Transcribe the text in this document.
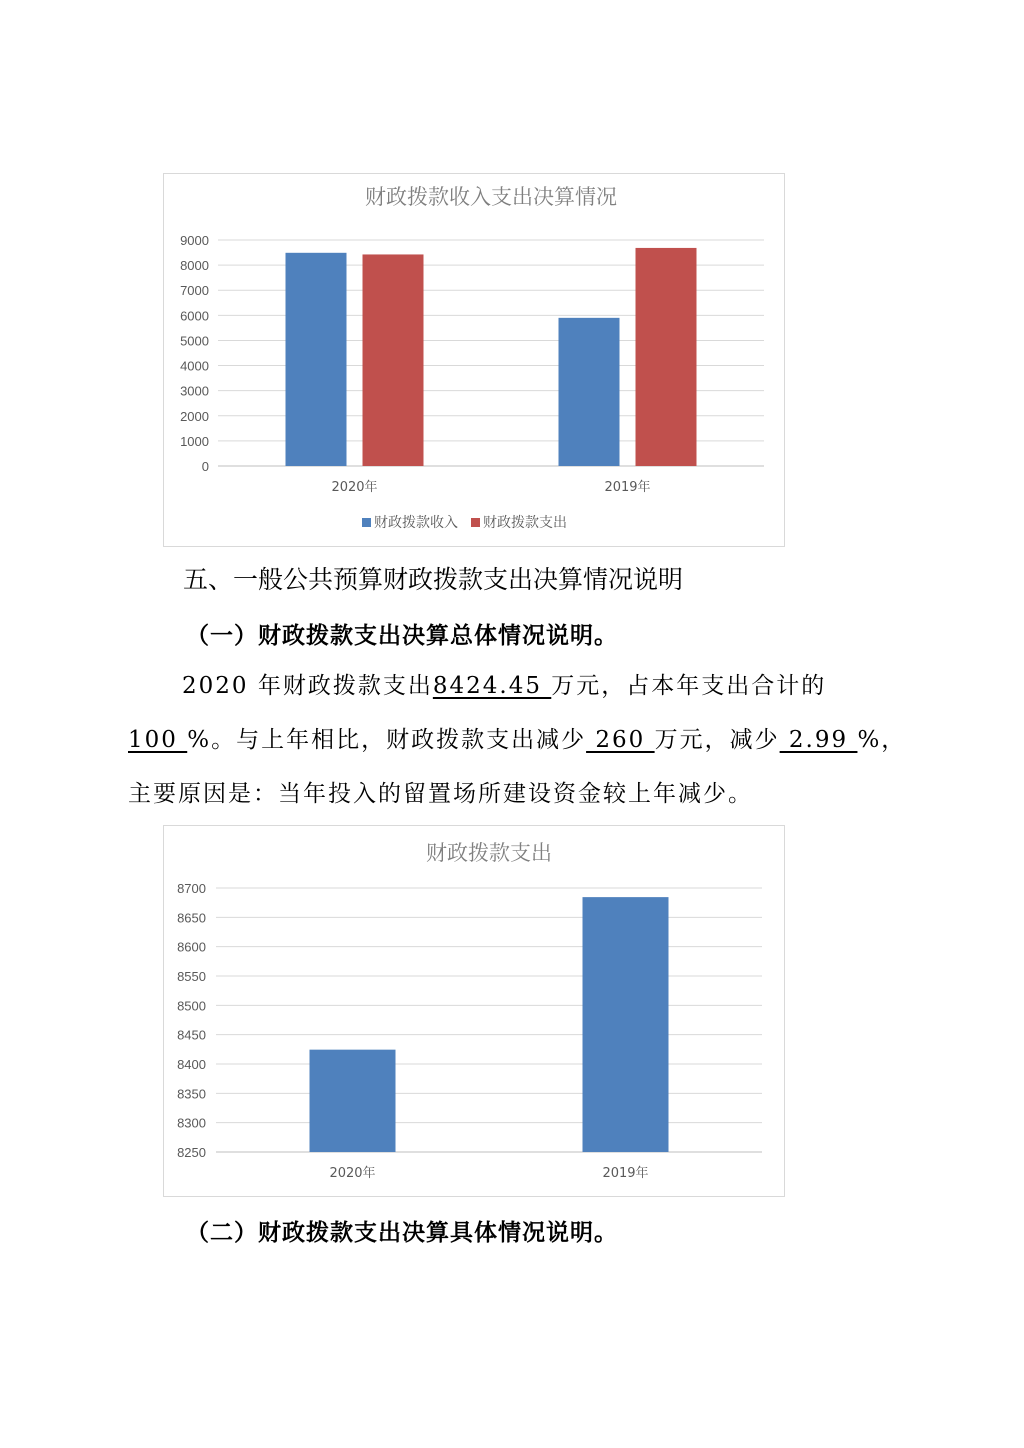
财政拨款收入支出决算情况
0
1000
2000
3000
4000
5000
6000
7000
8000
9000
2020年	2019年
财政拨款收入 财政拨款支出
五、一般公共预算财政拨款支出决算情况说明
（一）财政拨款支出决算总体情况说明。
2020 年财政拨款支出8424.45 万元，占本年支出合计的
100 %。与上年相比，财政拨款支出减少 260 万元，减少 2.99 %，
主要原因是：当年投入的留置场所建设资金较上年减少。
财政拨款支出
8250
8300
8350
8400
8450
8500
8550
8600
8650
8700
2020年	2019年
（二）财政拨款支出决算具体情况说明。
